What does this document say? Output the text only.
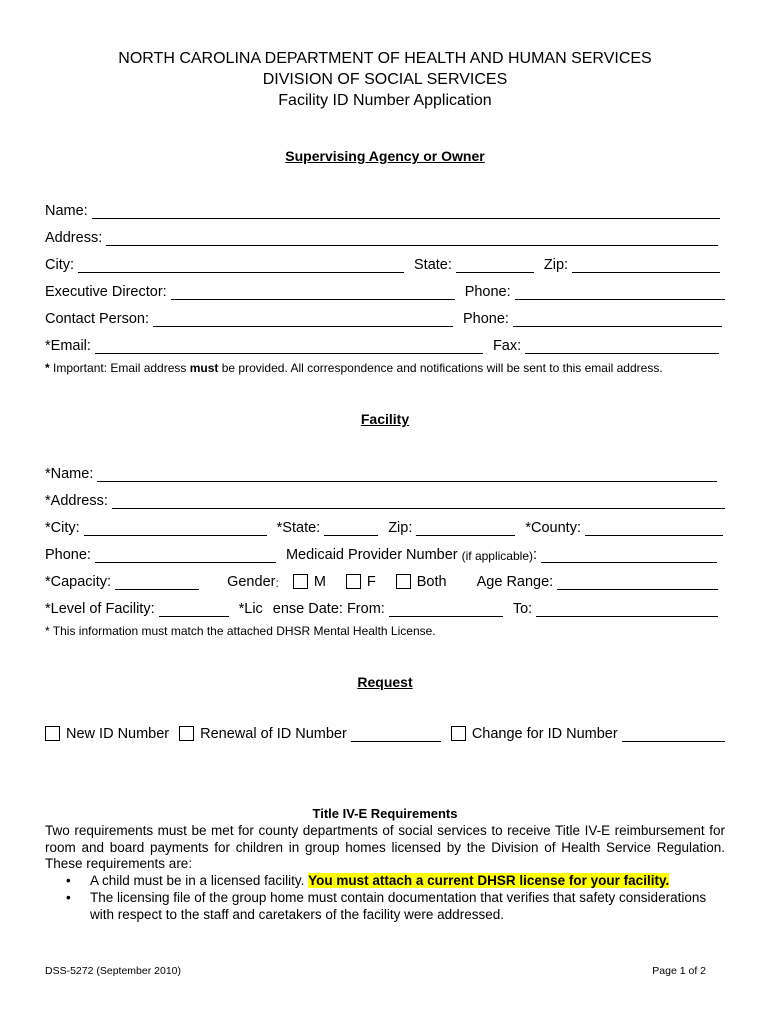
NORTH CAROLINA DEPARTMENT OF HEALTH AND HUMAN SERVICES
DIVISION OF SOCIAL SERVICES
Facility ID Number Application
Supervising Agency or Owner
Name:
Address:
City:	State:	Zip:
Executive Director:	Phone:
Contact Person:	Phone:
*Email:	Fax:
* Important: Email address must be provided. All correspondence and notifications will be sent to this email address.
Facility
*Name:
*Address:
*City:	*State:	Zip:	*County:
Phone:	Medicaid Provider Number (if applicable) :
*Capacity:	Gender : M	F	Both Age Range:
*Level of Facility:	*Lic ense Date: From:	To:
* This information must match the attached DHSR Mental Health License.
Request
New ID Number Renewal of ID Number	Change for ID Number
Title IV-E Requirements
Two requirements must be met for county departments of social services to receive Title IV-E reimbursement for room and board payments for children in group homes licensed by the Division of Health Service Regulation. These requirements are:
• A child must be in a licensed facility. You must attach a current DHSR license for your facility.
• The licensing file of the group home must contain documentation that verifies that safety considerations with respect to the staff and caretakers of the facility were addressed.
DSS-5272 (September 2010)	Page 1 of 2
